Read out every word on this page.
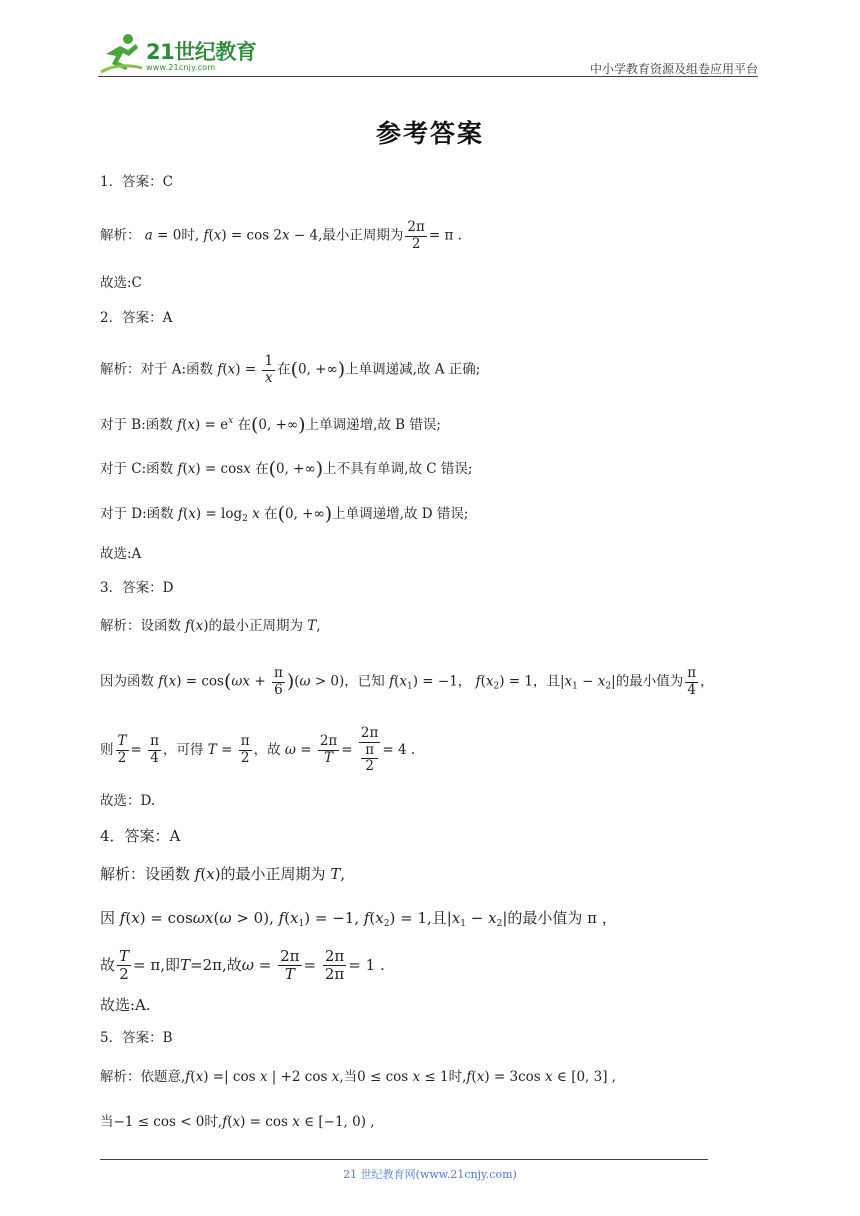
21世纪教育
www.21cnjy.com	中小学教育资源及组卷应用平台
参考答案
1．答案：C
解析： a = 0时, f(x) = cos 2x − 4,最小正周期为 $\frac{2\pi}{2} = \pi$ .
故选:C
2．答案：A
解析：对于 A:函数 $f(x) = \frac{1}{x}$ 在(0, +∞)上单调递减,故 A 正确;
对于 B:函数 $f(x) = e^x$ 在(0, +∞)上单调递增,故 B 错误;
对于 C:函数 f(x) = cosx 在(0, +∞)上不具有单调,故 C 错误;
对于 D:函数 $f(x) = \log_2 x$ 在(0, +∞)上单调递增,故 D 错误;
故选:A
3．答案：D
解析：设函数 f(x)的最小正周期为 T,
因为函数 $f(x) = \cos(\omega x + \frac{\pi}{6} )(\omega > 0)$，已知 $f(x_1) = -1$， $f(x_2) = 1$，且$|x_1 - x_2|$的最小值为 $\frac{\pi}{4}$ ，
则 $\frac{T}{2} = \frac{\pi}{4}$ ，可得 $T = \frac{\pi}{2}$ ，故 $\omega = \frac{2\pi}{T} = 2\pi$
π
2 = 4 .
故选：D.
4．答案：A
解析：设函数 f(x)的最小正周期为 T,
因 f(x) = cosωx(ω > 0), $f(x_1) = -1$, $f(x_2) = 1$,且$|x_1 - x_2|$的最小值为 π ，
故 $\frac{T}{2} = \pi$,即T=2π,故$\omega = \frac{2\pi}{T} = \frac{2\pi}{2\pi} = 1$ .
故选:A.
5．答案：B
解析：依题意,f(x) =| cos x | +2 cos x,当0 ≤ cos x ≤ 1时,f(x) = 3cos x ∈ [0, 3] ,
当−1 ≤ cos < 0时,f(x) = cos x ∈ [−1, 0) ,
21 世纪教育网(www.21cnjy.com)
